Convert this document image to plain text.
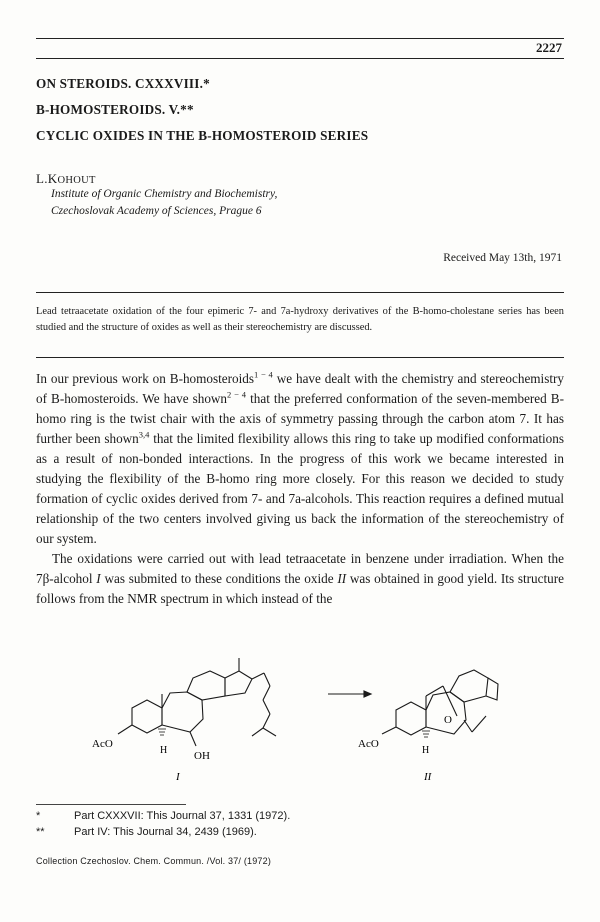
2227
ON STEROIDS. CXXXVIII.*
B-HOMOSTEROIDS. V.**
CYCLIC OXIDES IN THE B-HOMOSTEROID SERIES
L.KOHOUT
Institute of Organic Chemistry and Biochemistry,
Czechoslovak Academy of Sciences, Prague 6
Received May 13th, 1971
Lead tetraacetate oxidation of the four epimeric 7- and 7a-hydroxy derivatives of the B-homo-cholestane series has been studied and the structure of oxides as well as their stereochemistry are discussed.

In our previous work on B-homosteroids$^{1 - 4}$ we have dealt with the chemistry and stereochemistry of B-homosteroids. We have shown$^{2 - 4}$ that the preferred conformation of the seven-membered B-homo ring is the twist chair with the axis of symmetry passing through the carbon atom 7. It has further been shown$^{3,4}$ that the limited flexibility allows this ring to take up modified conformations as a result of non-bonded interactions. In the progress of this work we became interested in studying the flexibility of the B-homo ring more closely. For this reason we decided to study formation of cyclic oxides derived from 7- and 7a-alcohols. This reaction requires a defined mutual relationship of the two centers involved giving us back the information of the stereochemistry of our system.

The oxidations were carried out with lead tetraacetate in benzene under irradiation. When the 7β-alcohol I was submited to these conditions the oxide II was obtained in good yield. Its structure follows from the NMR spectrum in which instead of the

AcO
H OH
I
AcO
H
O
II
*	Part CXXXVII: This Journal 37, 1331 (1972).
**	Part IV: This Journal 34, 2439 (1969).
Collection Czechoslov. Chem. Commun. /Vol. 37/ (1972)
